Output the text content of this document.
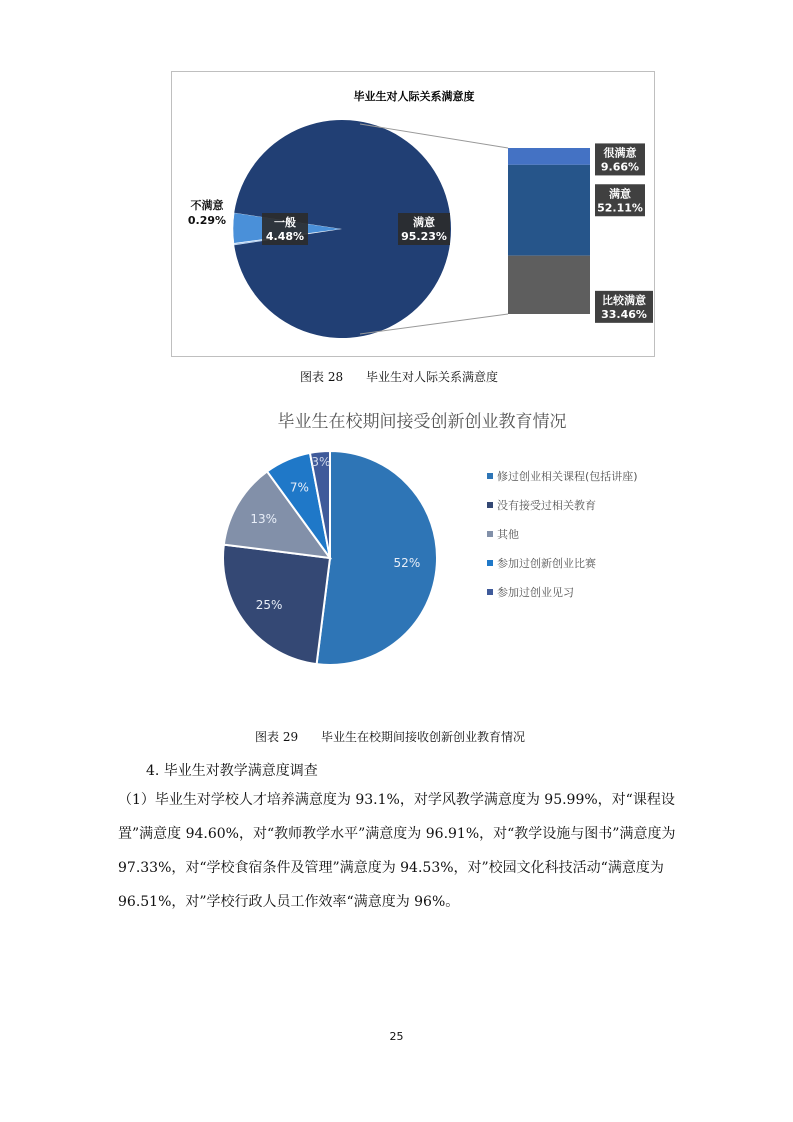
毕业生对人际关系满意度
满意
95.23%
一般
4.48%
不满意
0.29%
很满意
9.66%
满意
52.11%
比较满意
33.46%
图表 28      毕业生对人际关系满意度
毕业生在校期间接受创新创业教育情况
52%
25%
13%
7%
3%
修过创业相关课程(包括讲座)
没有接受过相关教育
其他
参加过创新创业比赛
参加过创业见习
图表 29      毕业生在校期间接收创新创业教育情况
4. 毕业生对教学满意度调查
（1）毕业生对学校人才培养满意度为 93.1%，对学风教学满意度为 95.99%，对“课程设置”满意度 94.60%，对“教师教学水平”满意度为 96.91%，对“教学设施与图书”满意度为 97.33%，对“学校食宿条件及管理”满意度为 94.53%，对”校园文化科技活动“满意度为 96.51%，对”学校行政人员工作效率“满意度为 96%。
25
